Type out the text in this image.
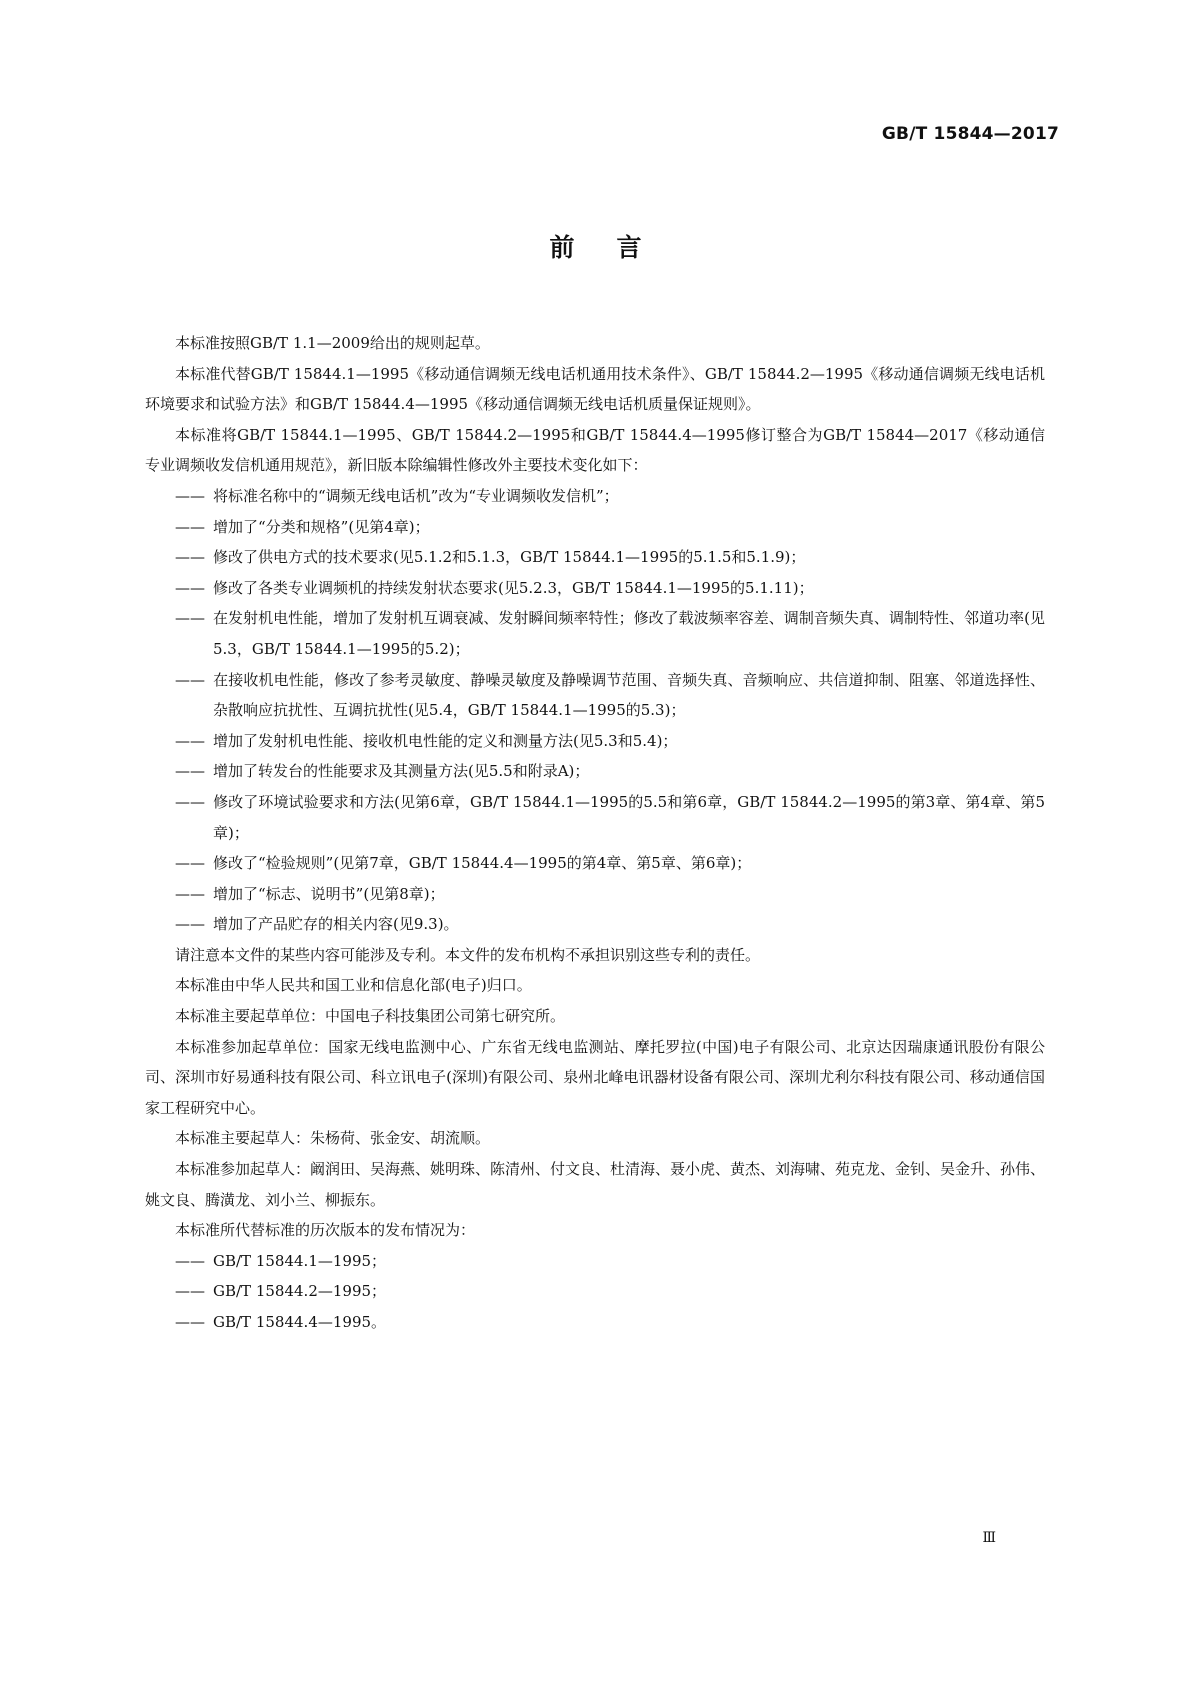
GB/T 15844—2017
前言

本标准按照GB/T 1.1—2009给出的规则起草。

本标准代替GB/T 15844.1—1995《移动通信调频无线电话机通用技术条件》、GB/T 15844.2—1995《移动通信调频无线电话机环境要求和试验方法》和GB/T 15844.4—1995《移动通信调频无线电话机质量保证规则》。

本标准将GB/T 15844.1—1995、GB/T 15844.2—1995和GB/T 15844.4—1995修订整合为GB/T 15844—2017《移动通信专业调频收发信机通用规范》，新旧版本除编辑性修改外主要技术变化如下：

—— 将标准名称中的“调频无线电话机”改为“专业调频收发信机”；

—— 增加了“分类和规格”(见第4章)；

—— 修改了供电方式的技术要求(见5.1.2和5.1.3，GB/T 15844.1—1995的5.1.5和5.1.9)；

—— 修改了各类专业调频机的持续发射状态要求(见5.2.3，GB/T 15844.1—1995的5.1.11)；

—— 在发射机电性能，增加了发射机互调衰减、发射瞬间频率特性；修改了载波频率容差、调制音频失真、调制特性、邻道功率(见5.3，GB/T 15844.1—1995的5.2)；

—— 在接收机电性能，修改了参考灵敏度、静噪灵敏度及静噪调节范围、音频失真、音频响应、共信道抑制、阻塞、邻道选择性、杂散响应抗扰性、互调抗扰性(见5.4，GB/T 15844.1—1995的5.3)；

—— 增加了发射机电性能、接收机电性能的定义和测量方法(见5.3和5.4)；

—— 增加了转发台的性能要求及其测量方法(见5.5和附录A)；

—— 修改了环境试验要求和方法(见第6章，GB/T 15844.1—1995的5.5和第6章，GB/T 15844.2—1995的第3章、第4章、第5章)；

—— 修改了“检验规则”(见第7章，GB/T 15844.4—1995的第4章、第5章、第6章)；

—— 增加了“标志、说明书”(见第8章)；

—— 增加了产品贮存的相关内容(见9.3)。

请注意本文件的某些内容可能涉及专利。本文件的发布机构不承担识别这些专利的责任。

本标准由中华人民共和国工业和信息化部(电子)归口。

本标准主要起草单位：中国电子科技集团公司第七研究所。

本标准参加起草单位：国家无线电监测中心、广东省无线电监测站、摩托罗拉(中国)电子有限公司、北京达因瑞康通讯股份有限公司、深圳市好易通科技有限公司、科立讯电子(深圳)有限公司、泉州北峰电讯器材设备有限公司、深圳尤利尔科技有限公司、移动通信国家工程研究中心。

本标准主要起草人：朱杨荷、张金安、胡流顺。

本标准参加起草人：阚润田、吴海燕、姚明珠、陈清州、付文良、杜清海、聂小虎、黄杰、刘海啸、苑克龙、金钊、吴金升、孙伟、姚文良、腾潢龙、刘小兰、柳振东。

本标准所代替标准的历次版本的发布情况为：

—— GB/T 15844.1—1995；

—— GB/T 15844.2—1995；

—— GB/T 15844.4—1995。

Ⅲ
